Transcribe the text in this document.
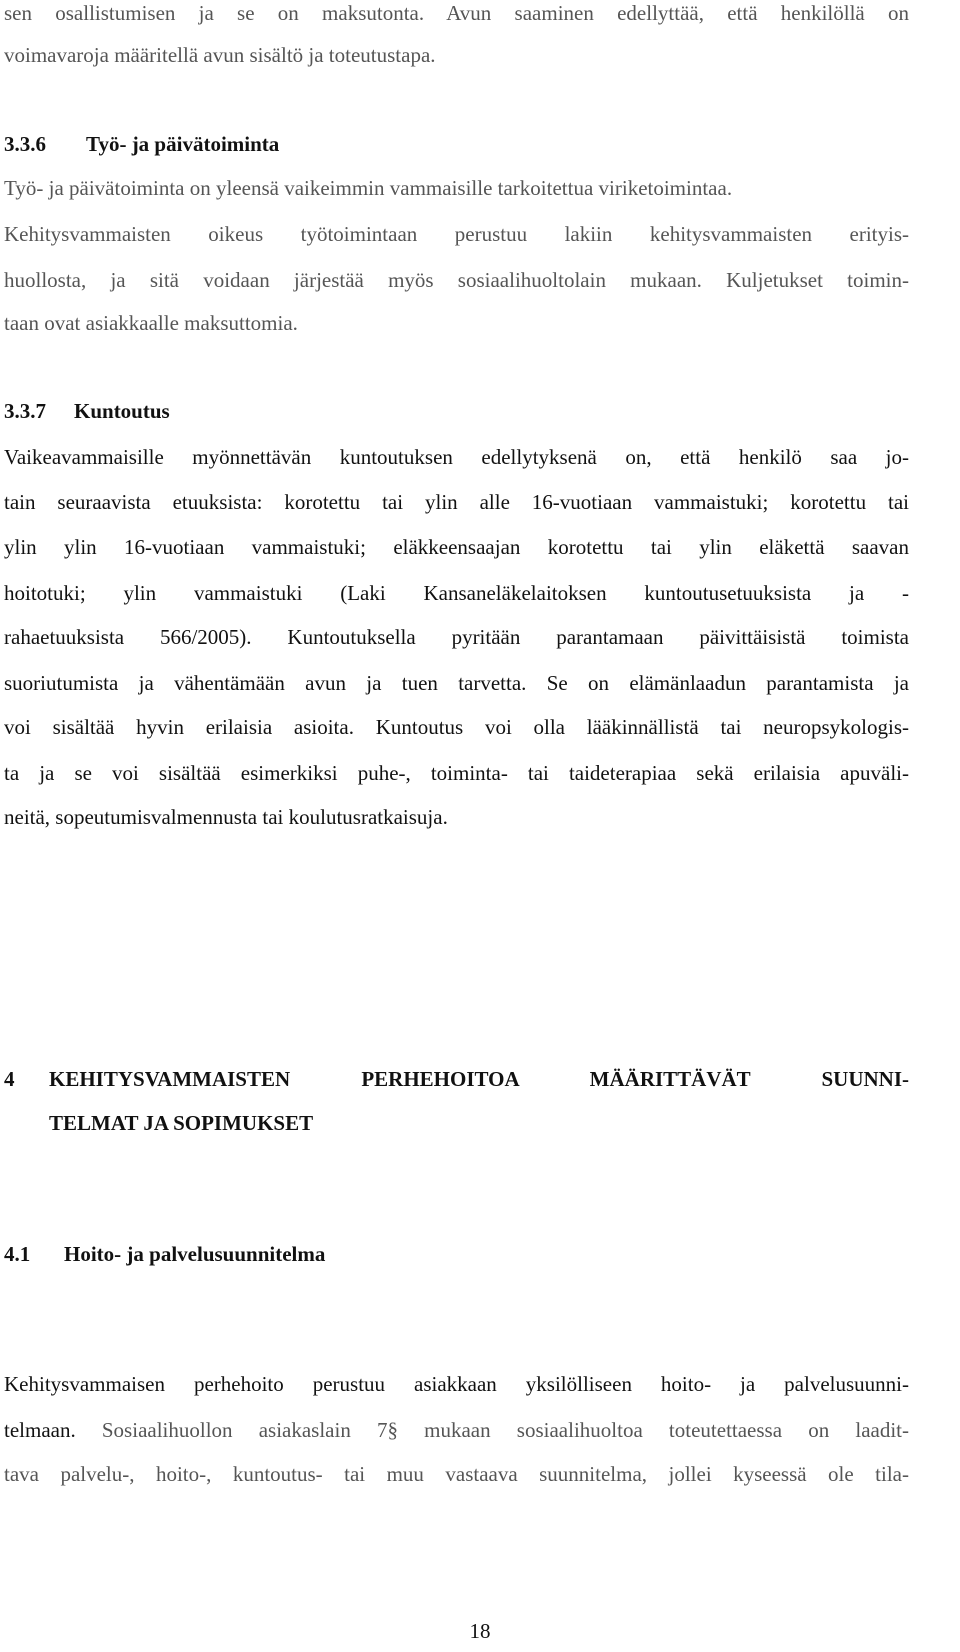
sen osallistumisen ja se on maksutonta. Avun saaminen edellyttää, että henkilöllä on
voimavaroja määritellä avun sisältö ja toteutustapa.
3.3.6 Työ- ja päivätoiminta
Työ- ja päivätoiminta on yleensä vaikeimmin vammaisille tarkoitettua viriketoimintaa.
Kehitysvammaisten oikeus työtoimintaan perustuu lakiin kehitysvammaisten erityis-
huollosta, ja sitä voidaan järjestää myös sosiaalihuoltolain mukaan. Kuljetukset toimin-
taan ovat asiakkaalle maksuttomia.
3.3.7 Kuntoutus
Vaikeavammaisille myönnettävän kuntoutuksen edellytyksenä on, että henkilö saa jo-
tain seuraavista etuuksista: korotettu tai ylin alle 16-vuotiaan vammaistuki; korotettu tai
ylin ylin 16-vuotiaan vammaistuki; eläkkeensaajan korotettu tai ylin eläkettä saavan
hoitotuki; ylin vammaistuki (Laki Kansaneläkelaitoksen kuntoutusetuuksista ja -
rahaetuuksista 566/2005). Kuntoutuksella pyritään parantamaan päivittäisistä toimista
suoriutumista ja vähentämään avun ja tuen tarvetta. Se on elämänlaadun parantamista ja
voi sisältää hyvin erilaisia asioita. Kuntoutus voi olla lääkinnällistä tai neuropsykologis-
ta ja se voi sisältää esimerkiksi puhe-, toiminta- tai taideterapiaa sekä erilaisia apuväli-
neitä, sopeutumisvalmennusta tai koulutusratkaisuja.
4 KEHITYSVAMMAISTEN PERHEHOITOA MÄÄRITTÄVÄT SUUNNI-
TELMAT JA SOPIMUKSET
4.1 Hoito- ja palvelusuunnitelma
Kehitysvammaisen perhehoito perustuu asiakkaan yksilölliseen hoito- ja palvelusuunni-
telmaan. Sosiaalihuollon asiakaslain 7§ mukaan sosiaalihuoltoa toteutettaessa on laadit-
tava palvelu-, hoito-, kuntoutus- tai muu vastaava suunnitelma, jollei kyseessä ole tila-
18
